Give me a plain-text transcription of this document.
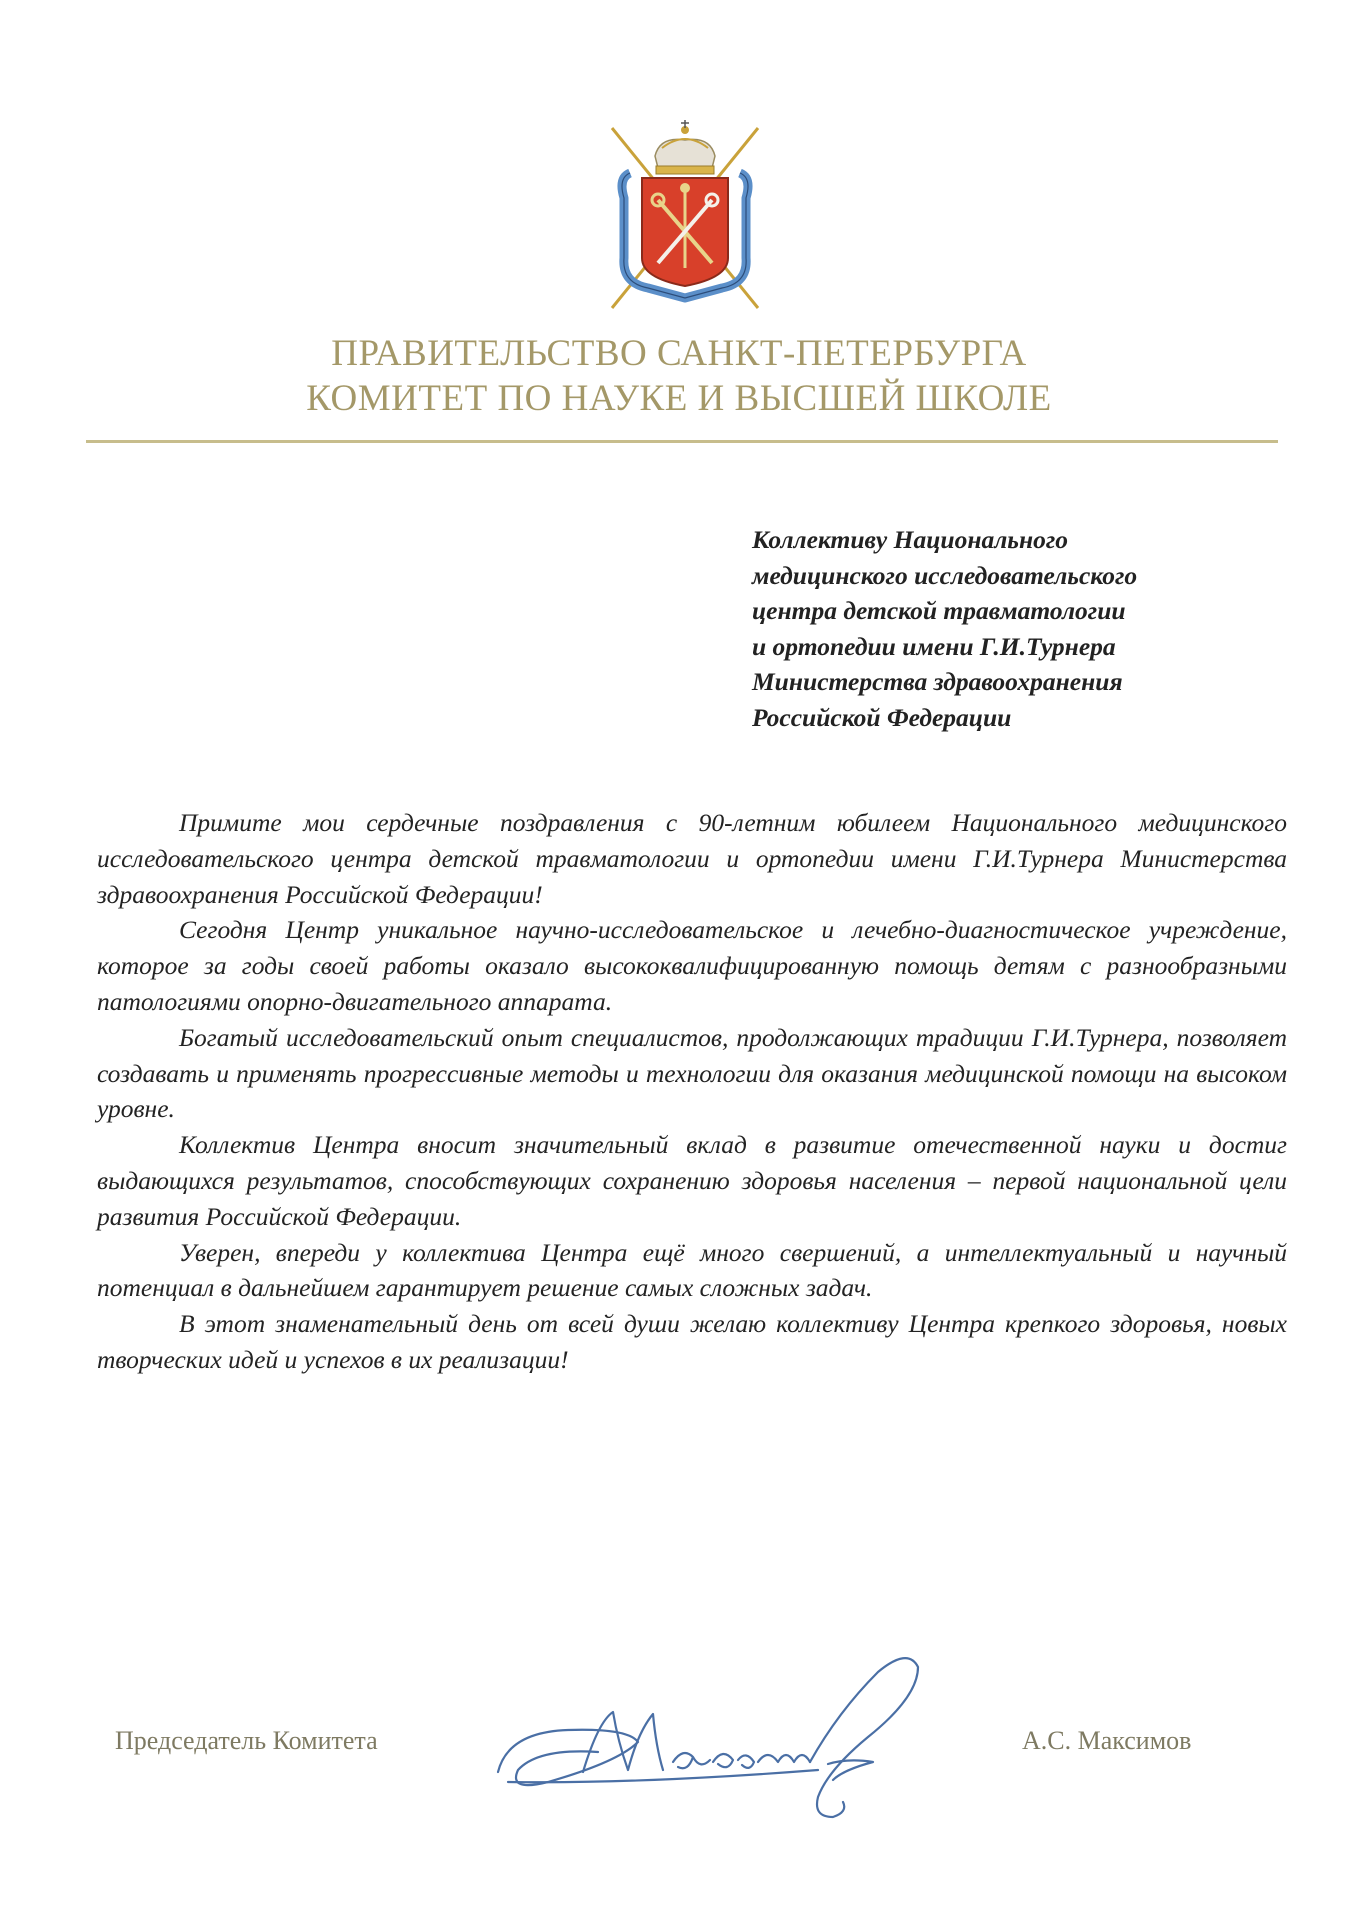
ПРАВИТЕЛЬСТВО САНКТ-ПЕТЕРБУРГА
КОМИТЕТ ПО НАУКЕ И ВЫСШЕЙ ШКОЛЕ
Коллективу Национального
медицинского исследовательского
центра детской травматологии
и ортопедии имени Г.И.Турнера
Министерства здравоохранения
Российской Федерации

Примите мои сердечные поздравления с 90-летним юбилеем Национального медицинского исследовательского центра детской травматологии и ортопедии имени Г.И.Турнера Министерства здравоохранения Российской Федерации!

Сегодня Центр уникальное научно-исследовательское и лечебно-диагностическое учреждение, которое за годы своей работы оказало высококвалифицированную помощь детям с разнообразными патологиями опорно-двигательного аппарата.

Богатый исследовательский опыт специалистов, продолжающих традиции Г.И.Турнера, позволяет создавать и применять прогрессивные методы и технологии для оказания медицинской помощи на высоком уровне.

Коллектив Центра вносит значительный вклад в развитие отечественной науки и достиг выдающихся результатов, способствующих сохранению здоровья населения – первой национальной цели развития Российской Федерации.

Уверен, впереди у коллектива Центра ещё много свершений, а интеллектуальный и научный потенциал в дальнейшем гарантирует решение самых сложных задач.

В этот знаменательный день от всей души желаю коллективу Центра крепкого здоровья, новых творческих идей и успехов в их реализации!

Председатель Комитета	А.С. Максимов
